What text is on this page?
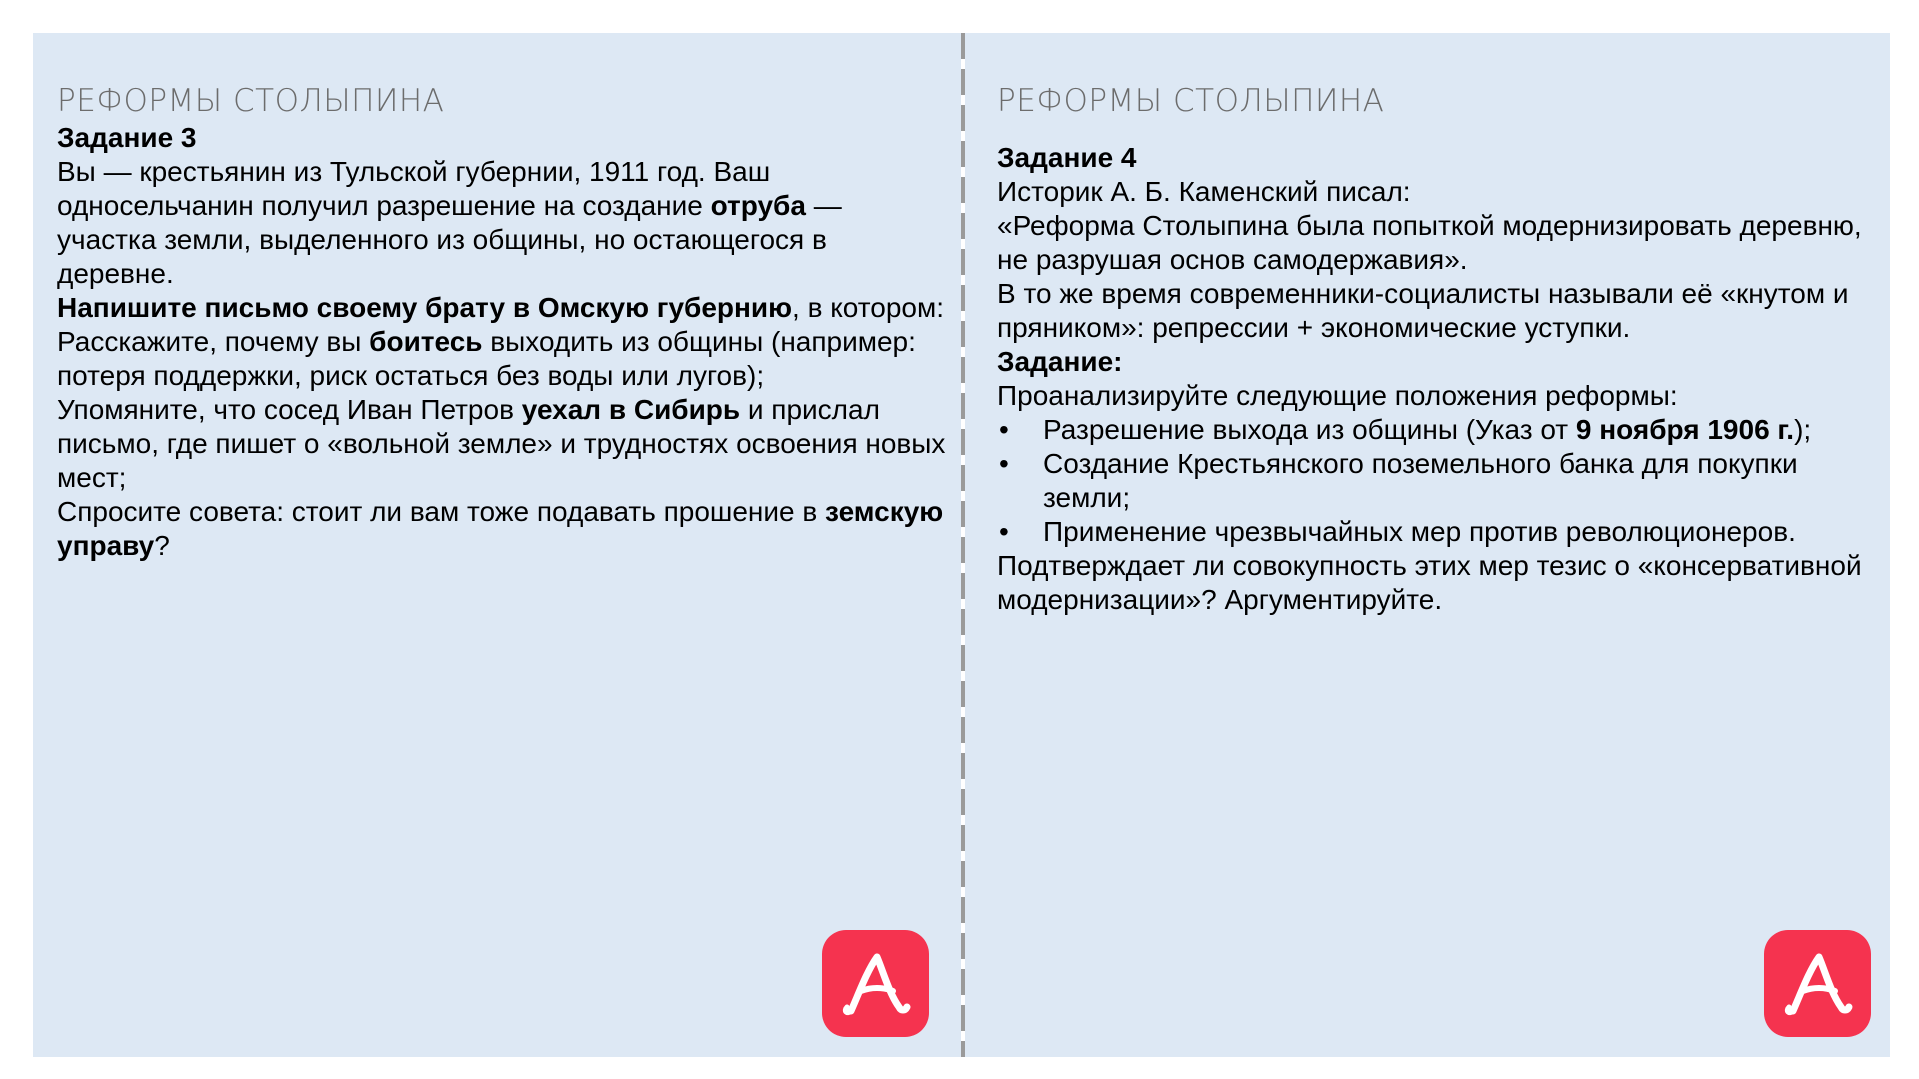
РЕФОРМЫ СТОЛЫПИНА
Задание 3
Вы — крестьянин из Тульской губернии, 1911 год. Ваш односельчанин получил разрешение на создание отруба — участка земли, выделенного из общины, но остающегося в деревне.
Напишите письмо своему брату в Омскую губернию, в котором:
Расскажите, почему вы боитесь выходить из общины (например: потеря поддержки, риск остаться без воды или лугов);
Упомяните, что сосед Иван Петров уехал в Сибирь и прислал письмо, где пишет о «вольной земле» и трудностях освоения новых мест;
Спросите совета: стоит ли вам тоже подавать прошение в земскую управу?
РЕФОРМЫ СТОЛЫПИНА
Задание 4
Историк А. Б. Каменский писал:
«Реформа Столыпина была попыткой модернизировать деревню, не разрушая основ самодержавия».
В то же время современники-социалисты называли её «кнутом и пряником»: репрессии + экономические уступки.
Задание:
Проанализируйте следующие положения реформы:
• Разрешение выхода из общины (Указ от 9 ноября 1906 г.);
• Создание Крестьянского поземельного банка для покупки земли;
• Применение чрезвычайных мер против революционеров.
Подтверждает ли совокупность этих мер тезис о «консервативной модернизации»? Аргументируйте.
